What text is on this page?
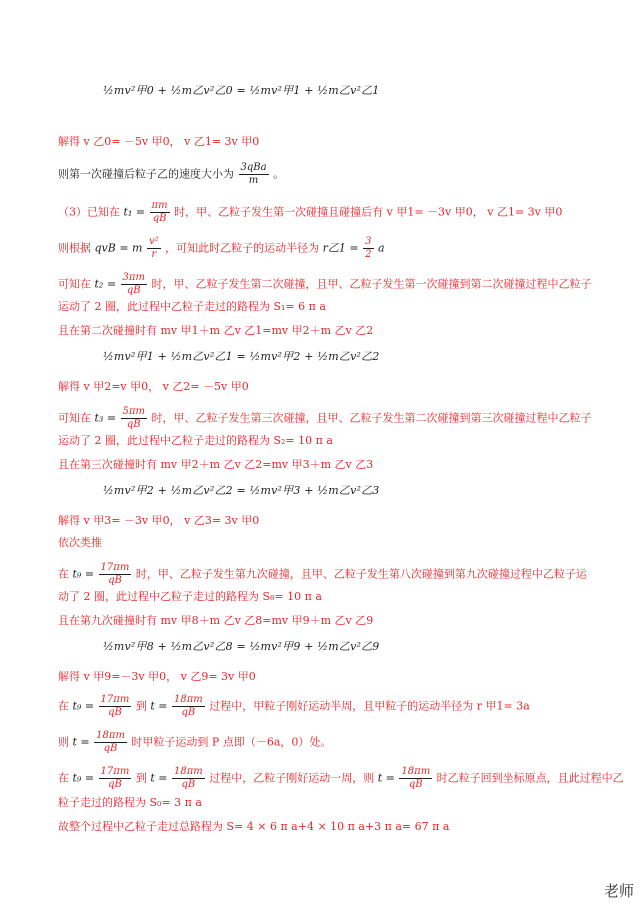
½mv²甲0 + ½m乙v²乙0 = ½mv²甲1 + ½m乙v²乙1
解得 v 乙0= －5v 甲0， v 乙1= 3v 甲0
则第一次碰撞后粒子乙的速度大小为 $\frac{\text{3qBa}}{m}$ 。
（3）已知在 $t_1 = \frac{\pi m}{qB}$ 时，甲、乙粒子发生第一次碰撞且碰撞后有 v 甲1= －3v 甲0， v 乙1= 3v 甲0
则根据 qvB = m $\frac{\text{v²}}{r}$ ，可知此时乙粒子的运动半径为 r乙$1 = \frac{3}{2}$ a
可知在 $t_2 = \frac{3\pi m}{qB}$ 时，甲、乙粒子发生第二次碰撞，且甲、乙粒子发生第一次碰撞到第二次碰撞过程中乙粒子
运动了 2 圈，此过程中乙粒子走过的路程为 S₁= 6 π a
且在第二次碰撞时有 mv 甲1＋m 乙v 乙1=mv 甲2＋m 乙v 乙2
½mv²甲1 + ½m乙v²乙1 = ½mv²甲2 + ½m乙v²乙2
解得 v 甲2=v 甲0， v 乙2= －5v 甲0
可知在 $t_3 = \frac{5\pi m}{qB}$ 时，甲、乙粒子发生第三次碰撞，且甲、乙粒子发生第二次碰撞到第三次碰撞过程中乙粒子
运动了 2 圈，此过程中乙粒子走过的路程为 S₂= 10 π a
且在第三次碰撞时有 mv 甲2＋m 乙v 乙2=mv 甲3＋m 乙v 乙3
½mv²甲2 + ½m乙v²乙2 = ½mv²甲3 + ½m乙v²乙3
解得 v 甲3= －3v 甲0， v 乙3= 3v 甲0
依次类推
在 $t_9 = \frac{17\pi m}{qB}$ 时，甲、乙粒子发生第九次碰撞，且甲、乙粒子发生第八次碰撞到第九次碰撞过程中乙粒子运
动了 2 圈，此过程中乙粒子走过的路程为 S₈= 10 π a
且在第九次碰撞时有 mv 甲8＋m 乙v 乙8=mv 甲9＋m 乙v 乙9
½mv²甲8 + ½m乙v²乙8 = ½mv²甲9 + ½m乙v²乙9
解得 v 甲9=－3v 甲0， v 乙9= 3v 甲0
在 $t_9 = \frac{17\pi m}{qB}$ 到 $t = \frac{18\pi m}{qB}$ 过程中，甲粒子刚好运动半周，且甲粒子的运动半径为 r 甲1= 3a
则 $t = \frac{18\pi m}{qB}$ 时甲粒子运动到 P 点即（－6a，0）处。
在 $t_9 = \frac{17\pi m}{qB}$ 到 $t = \frac{18\pi m}{qB}$ 过程中，乙粒子刚好运动一周，则 $t = \frac{18\pi m}{qB}$ 时乙粒子回到坐标原点，且此过程中乙
粒子走过的路程为 S₀= 3 π a
故整个过程中乙粒子走过总路程为 S= 4 × 6 π a+4 × 10 π a+3 π a= 67 π a
老师
